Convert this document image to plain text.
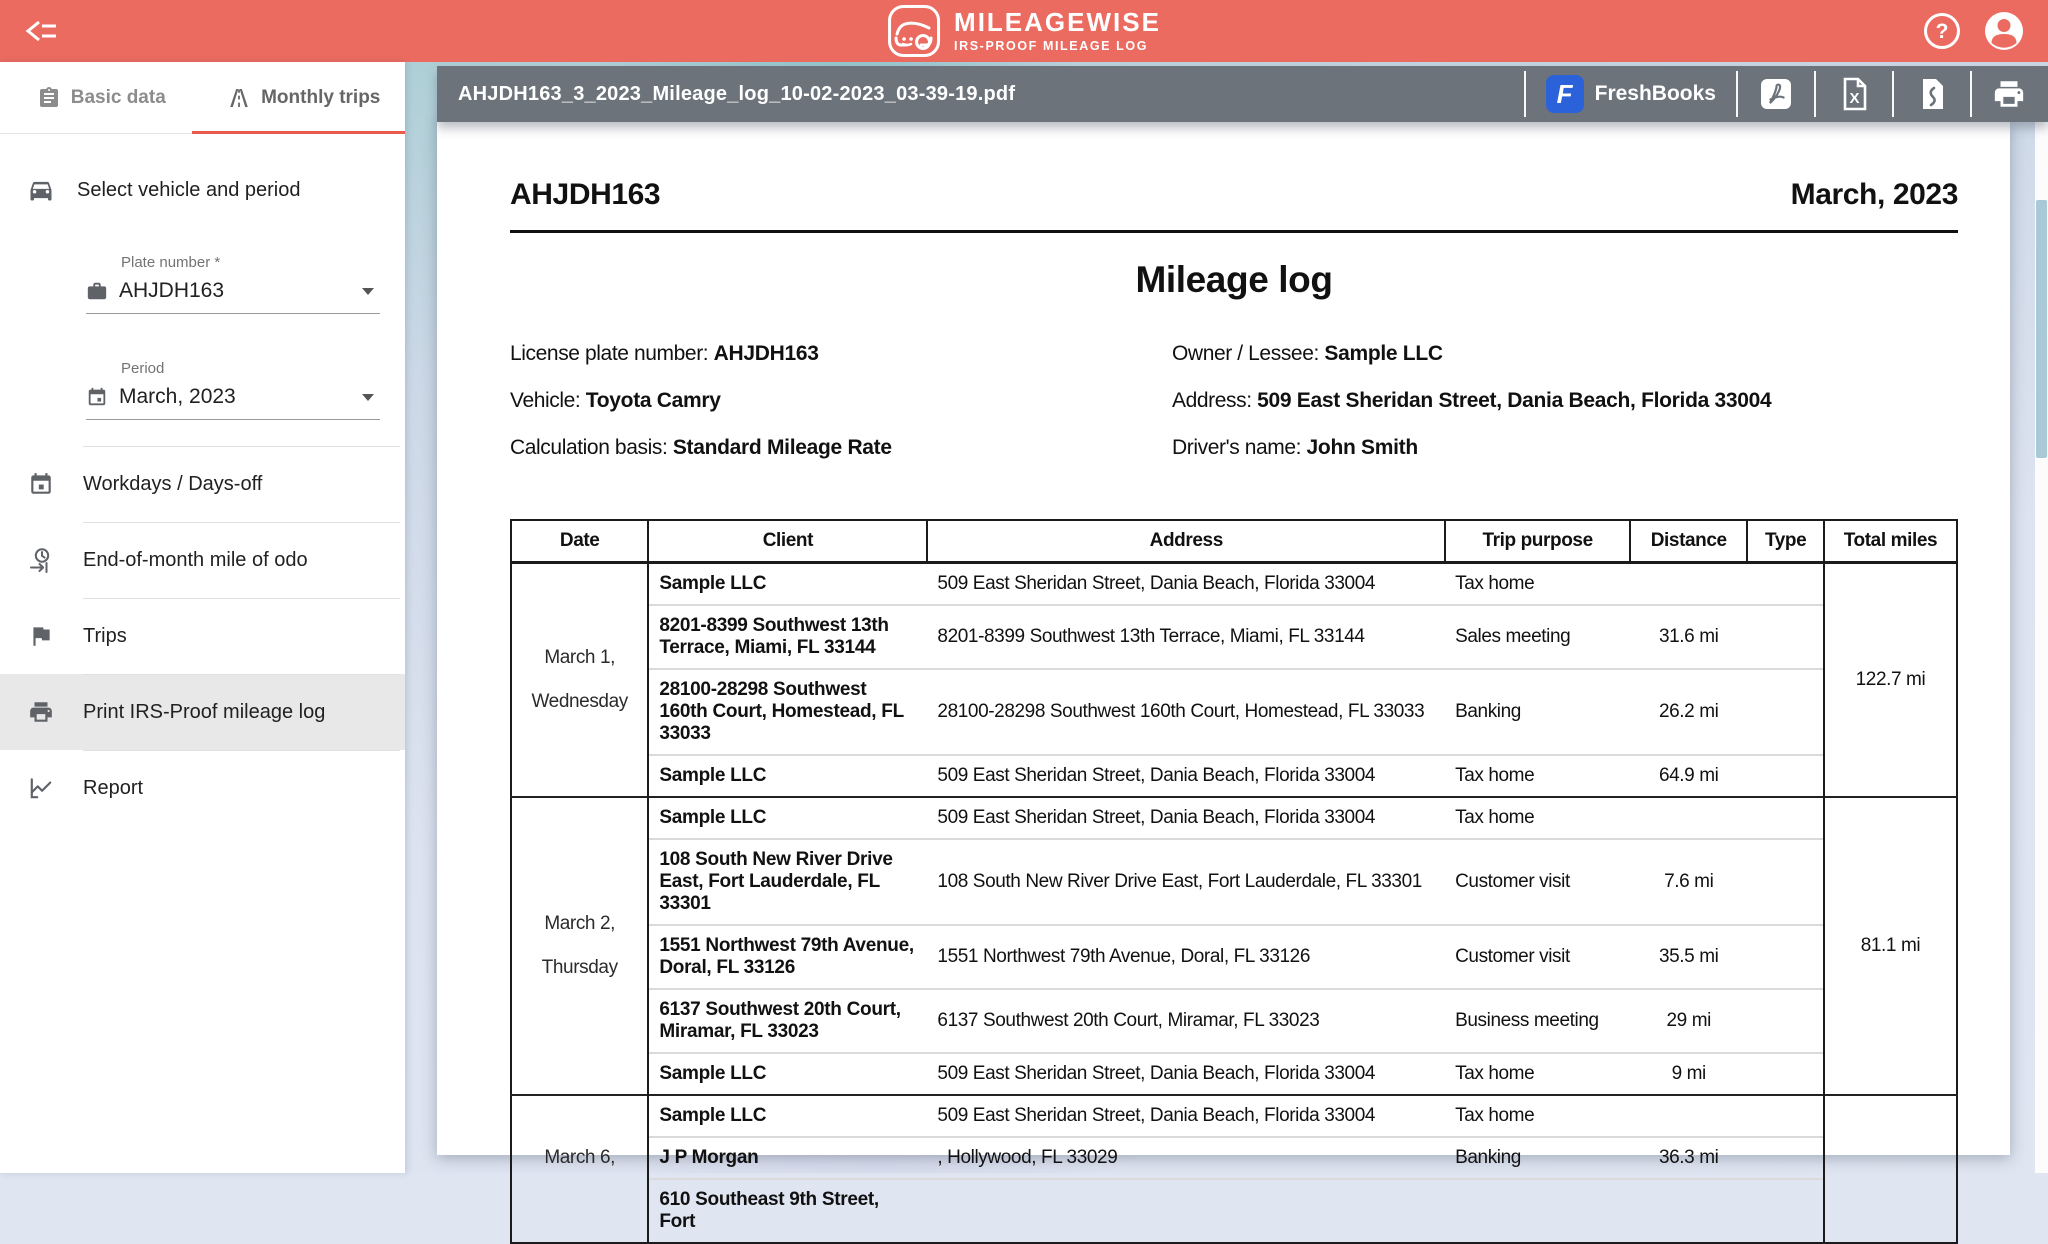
MILEAGEWISE
IRS-PROOF MILEAGE LOG
?
Basic data	Monthly trips
Select vehicle and period
Plate number *
AHJDH163
Period
March, 2023
Workdays / Days-off
End-of-month mile of odo
Trips
Print IRS-Proof mileage log
Report
AHJDH163_3_2023_Mileage_log_10-02-2023_03-39-19.pdf	F	FreshBooks	X
AHJDH163	March, 2023
Mileage log
License plate number: AHJDH163
Vehicle: Toyota Camry
Calculation basis: Standard Mileage Rate
Owner / Lessee: Sample LLC
Address: 509 East Sheridan Street, Dania Beach, Florida 33004
Driver's name: John Smith
Date	Client	Address	Trip purpose	Distance	Type	Total miles

March 1,
Wednesday	Sample LLC	509 East Sheridan Street, Dania Beach, Florida 33004	Tax home			122.7 mi
	8201-8399 Southwest 13th Terrace, Miami, FL 33144	8201-8399 Southwest 13th Terrace, Miami, FL 33144	Sales meeting	31.6 mi		
	28100-28298 Southwest 160th Court, Homestead, FL 33033	28100-28298 Southwest 160th Court, Homestead, FL 33033	Banking	26.2 mi		
	Sample LLC	509 East Sheridan Street, Dania Beach, Florida 33004	Tax home	64.9 mi		

March 2,
Thursday	Sample LLC	509 East Sheridan Street, Dania Beach, Florida 33004	Tax home			81.1 mi
	108 South New River Drive East, Fort Lauderdale, FL 33301	108 South New River Drive East, Fort Lauderdale, FL 33301	Customer visit	7.6 mi		
	1551 Northwest 79th Avenue, Doral, FL 33126	1551 Northwest 79th Avenue, Doral, FL 33126	Customer visit	35.5 mi		
	6137 Southwest 20th Court, Miramar, FL 33023	6137 Southwest 20th Court, Miramar, FL 33023	Business meeting	29 mi		
	Sample LLC	509 East Sheridan Street, Dania Beach, Florida 33004	Tax home	9 mi		

March 6,	Sample LLC	509 East Sheridan Street, Dania Beach, Florida 33004	Tax home			
	J P Morgan	, Hollywood, FL 33029	Banking	36.3 mi		
	610 Southeast 9th Street, Fort					
